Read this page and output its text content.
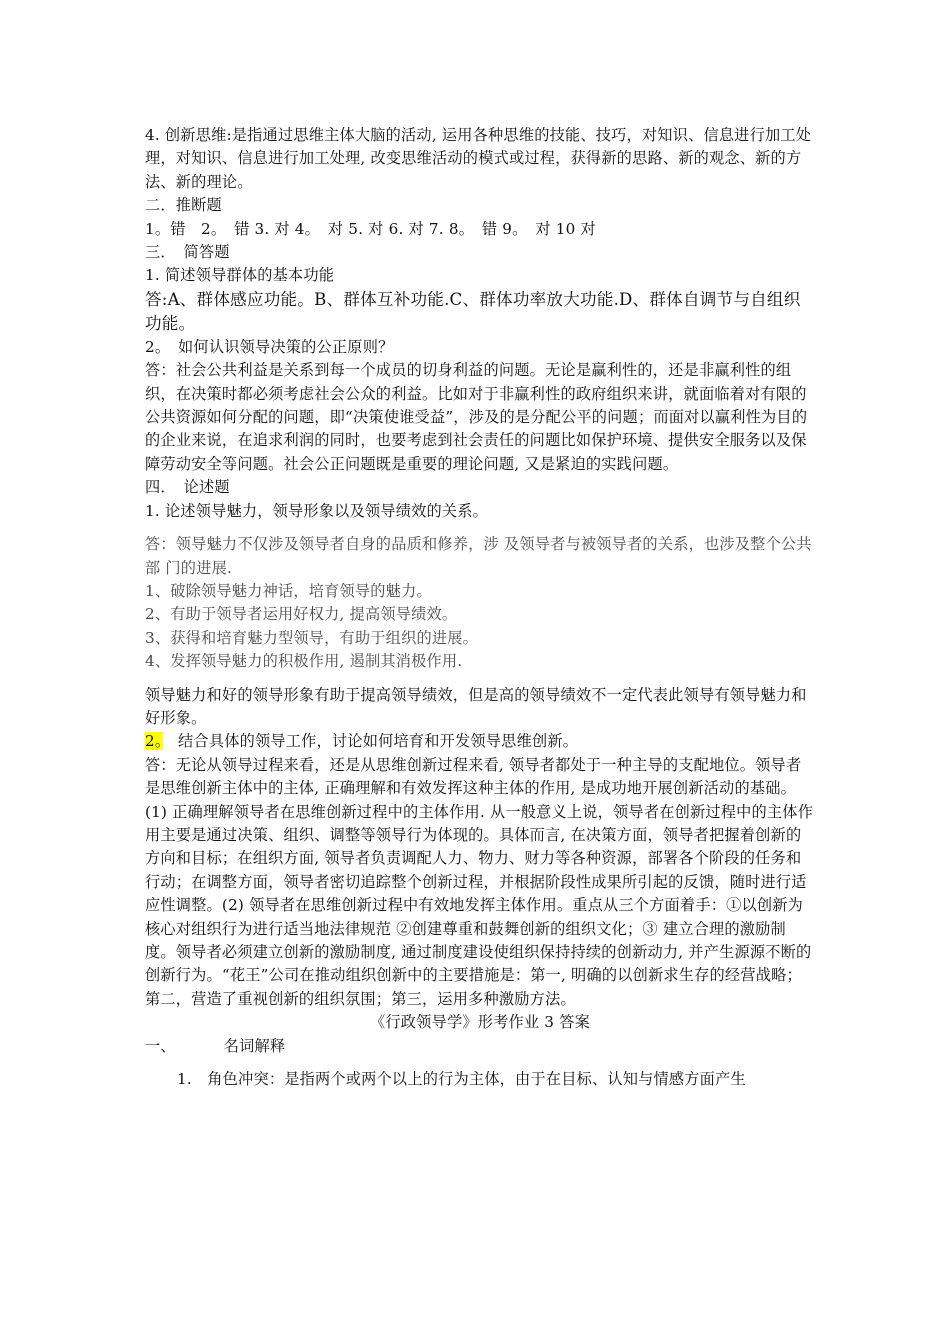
4. 创新思维:是指通过思维主体大脑的活动, 运用各种思维的技能、技巧，对知识、信息进行加工处理，对知识、信息进行加工处理, 改变思维活动的模式或过程，获得新的思路、新的观念、新的方法、新的理论。

二．推断题

1。错　2。　错 3. 对 4。　对 5. 对 6. 对 7. 8。　错 9。　对 10 对

三．　简答题

1. 简述领导群体的基本功能

答:A、群体感应功能。B、群体互补功能.C、群体功率放大功能.D、群体自调节与自组织功能。

2。　如何认识领导决策的公正原则？

答：社会公共利益是关系到每一个成员的切身利益的问题。无论是赢利性的，还是非赢利性的组织，在决策时都必须考虑社会公众的利益。比如对于非赢利性的政府组织来讲，就面临着对有限的公共资源如何分配的问题，即“决策使谁受益”，涉及的是分配公平的问题；而面对以赢利性为目的的企业来说，在追求利润的同时，也要考虑到社会责任的问题比如保护环境、提供安全服务以及保障劳动安全等问题。社会公正问题既是重要的理论问题, 又是紧迫的实践问题。

四．　论述题

1. 论述领导魅力，领导形象以及领导绩效的关系。

答：领导魅力不仅涉及领导者自身的品质和修养，涉 及领导者与被领导者的关系，也涉及整个公共部 门的进展.

1、破除领导魅力神话，培育领导的魅力。

2、有助于领导者运用好权力, 提高领导绩效。

3、获得和培育魅力型领导，有助于组织的进展。

4、发挥领导魅力的积极作用, 遏制其消极作用.

领导魅力和好的领导形象有助于提高领导绩效，但是高的领导绩效不一定代表此领导有领导魅力和好形象。

2。　结合具体的领导工作，讨论如何培育和开发领导思维创新。

答：无论从领导过程来看，还是从思维创新过程来看, 领导者都处于一种主导的支配地位。领导者是思维创新主体中的主体, 正确理解和有效发挥这种主体的作用, 是成功地开展创新活动的基础。(1) 正确理解领导者在思维创新过程中的主体作用. 从一般意义上说，领导者在创新过程中的主体作用主要是通过决策、组织、调整等领导行为体现的。具体而言, 在决策方面，领导者把握着创新的方向和目标；在组织方面, 领导者负责调配人力、物力、财力等各种资源，部署各个阶段的任务和行动；在调整方面，领导者密切追踪整个创新过程，并根据阶段性成果所引起的反馈，随时进行适应性调整。(2) 领导者在思维创新过程中有效地发挥主体作用。重点从三个方面着手：①以创新为核心对组织行为进行适当地法律规范 ②创建尊重和鼓舞创新的组织文化；③ 建立合理的激励制度。领导者必须建立创新的激励制度, 通过制度建设使组织保持持续的创新动力, 并产生源源不断的创新行为。“花王”公司在推动组织创新中的主要措施是：第一, 明确的以创新求生存的经营战略；第二，营造了重视创新的组织氛围；第三，运用多种激励方法。

《行政领导学》形考作业 3 答案

一、	名词解释

1.　角色冲突：是指两个或两个以上的行为主体，由于在目标、认知与情感方面产生
